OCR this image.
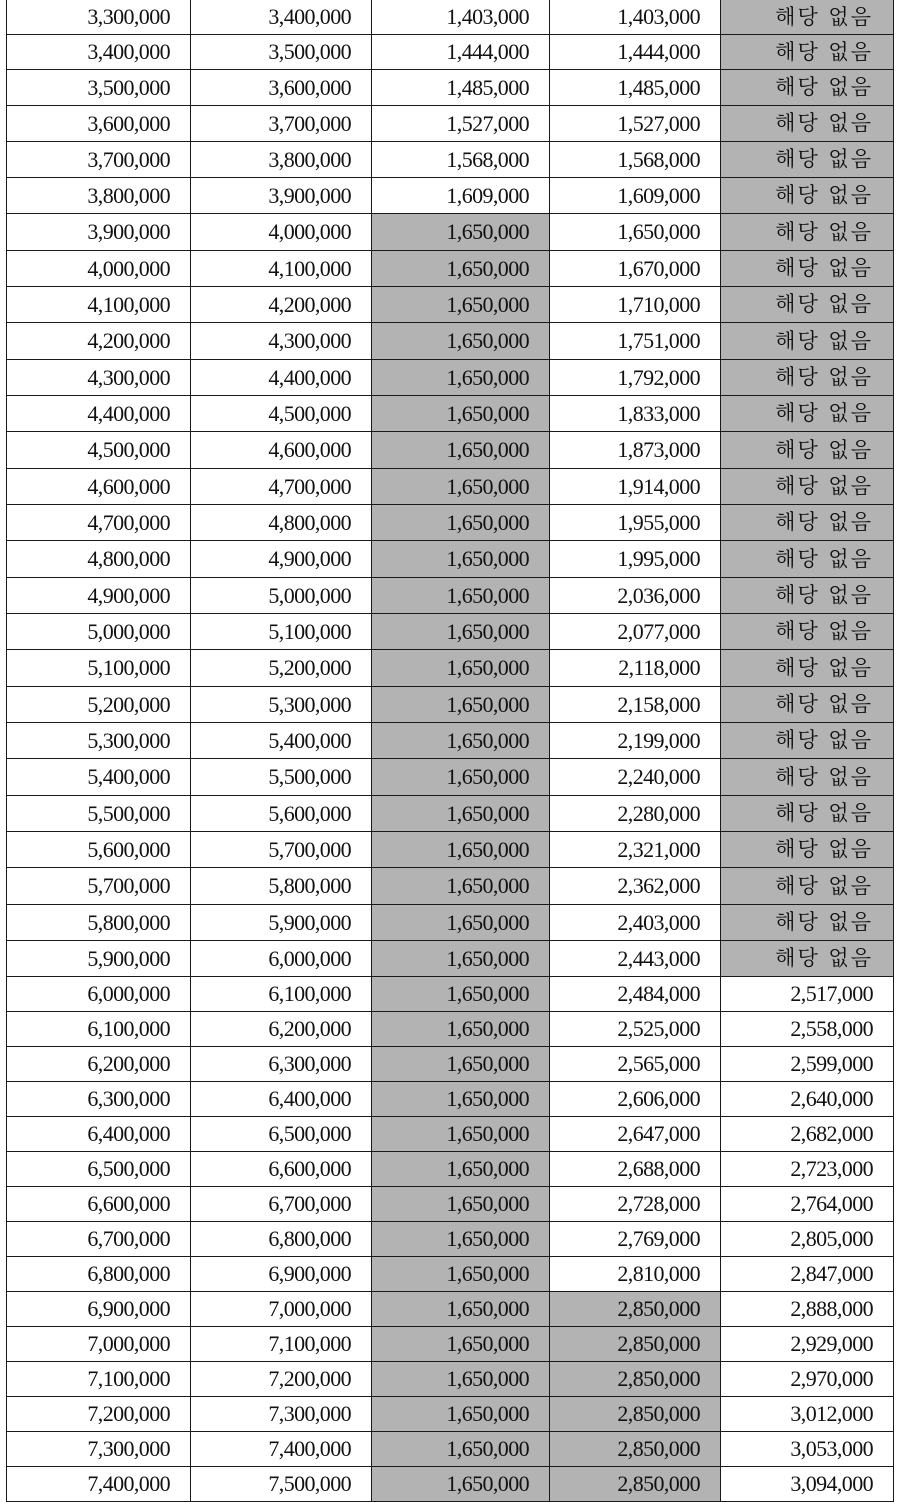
3,300,000	3,400,000	1,403,000	1,403,000	해당 없음
3,400,000	3,500,000	1,444,000	1,444,000	해당 없음
3,500,000	3,600,000	1,485,000	1,485,000	해당 없음
3,600,000	3,700,000	1,527,000	1,527,000	해당 없음
3,700,000	3,800,000	1,568,000	1,568,000	해당 없음
3,800,000	3,900,000	1,609,000	1,609,000	해당 없음
3,900,000	4,000,000	1,650,000	1,650,000	해당 없음
4,000,000	4,100,000	1,650,000	1,670,000	해당 없음
4,100,000	4,200,000	1,650,000	1,710,000	해당 없음
4,200,000	4,300,000	1,650,000	1,751,000	해당 없음
4,300,000	4,400,000	1,650,000	1,792,000	해당 없음
4,400,000	4,500,000	1,650,000	1,833,000	해당 없음
4,500,000	4,600,000	1,650,000	1,873,000	해당 없음
4,600,000	4,700,000	1,650,000	1,914,000	해당 없음
4,700,000	4,800,000	1,650,000	1,955,000	해당 없음
4,800,000	4,900,000	1,650,000	1,995,000	해당 없음
4,900,000	5,000,000	1,650,000	2,036,000	해당 없음
5,000,000	5,100,000	1,650,000	2,077,000	해당 없음
5,100,000	5,200,000	1,650,000	2,118,000	해당 없음
5,200,000	5,300,000	1,650,000	2,158,000	해당 없음
5,300,000	5,400,000	1,650,000	2,199,000	해당 없음
5,400,000	5,500,000	1,650,000	2,240,000	해당 없음
5,500,000	5,600,000	1,650,000	2,280,000	해당 없음
5,600,000	5,700,000	1,650,000	2,321,000	해당 없음
5,700,000	5,800,000	1,650,000	2,362,000	해당 없음
5,800,000	5,900,000	1,650,000	2,403,000	해당 없음
5,900,000	6,000,000	1,650,000	2,443,000	해당 없음
6,000,000	6,100,000	1,650,000	2,484,000	2,517,000
6,100,000	6,200,000	1,650,000	2,525,000	2,558,000
6,200,000	6,300,000	1,650,000	2,565,000	2,599,000
6,300,000	6,400,000	1,650,000	2,606,000	2,640,000
6,400,000	6,500,000	1,650,000	2,647,000	2,682,000
6,500,000	6,600,000	1,650,000	2,688,000	2,723,000
6,600,000	6,700,000	1,650,000	2,728,000	2,764,000
6,700,000	6,800,000	1,650,000	2,769,000	2,805,000
6,800,000	6,900,000	1,650,000	2,810,000	2,847,000
6,900,000	7,000,000	1,650,000	2,850,000	2,888,000
7,000,000	7,100,000	1,650,000	2,850,000	2,929,000
7,100,000	7,200,000	1,650,000	2,850,000	2,970,000
7,200,000	7,300,000	1,650,000	2,850,000	3,012,000
7,300,000	7,400,000	1,650,000	2,850,000	3,053,000
7,400,000	7,500,000	1,650,000	2,850,000	3,094,000
